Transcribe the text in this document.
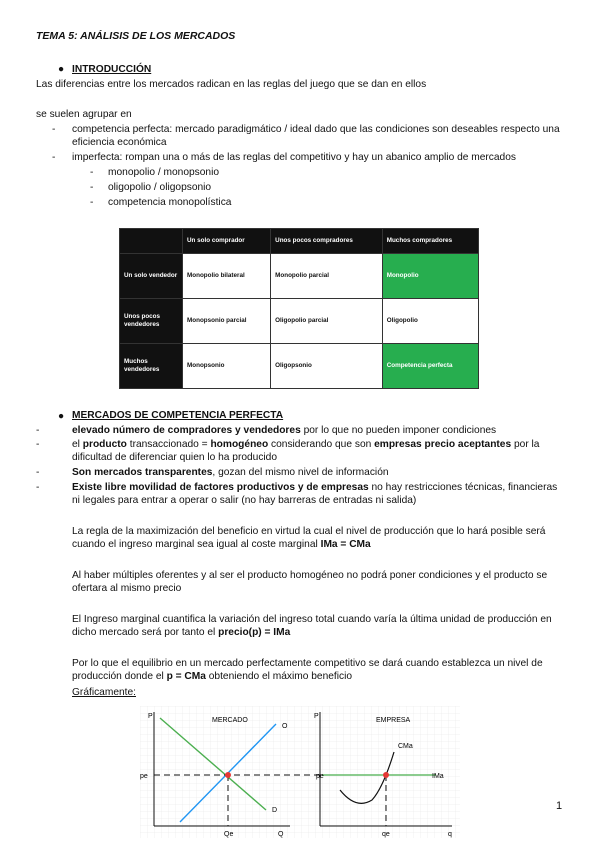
TEMA 5: ANÁLISIS DE LOS MERCADOS
● INTRODUCCIÓN
Las diferencias entre los mercados radican en las reglas del juego que se dan en ellos
se suelen agrupar en
- competencia perfecta: mercado paradigmático / ideal dado que las condiciones son deseables respecto una eficiencia económica
- imperfecta: rompan una o más de las reglas del competitivo y hay un abanico amplio de mercados
- monopolio / monopsonio
- oligopolio / oligopsonio
- competencia monopolística
	Un solo comprador	Unos pocos compradores	Muchos compradores
Un solo vendedor	Monopolio bilateral	Monopolio parcial	Monopolio
Unos pocos vendedores	Monopsonio parcial	Oligopolio parcial	Oligopolio
Muchos vendedores	Monopsonio	Oligopsonio	Competencia perfecta
● MERCADOS DE COMPETENCIA PERFECTA
-	elevado número de compradores y vendedores por lo que no pueden imponer condiciones
-	el producto transaccionado = homogéneo considerando que son empresas precio aceptantes por la dificultad de diferenciar quien lo ha producido
-	Son mercados transparentes, gozan del mismo nivel de información
-	Existe libre movilidad de factores productivos y de empresas no hay restricciones técnicas, financieras ni legales para entrar a operar o salir (no hay barreras de entradas ni salida)
La regla de la maximización del beneficio en virtud la cual el nivel de producción que lo hará posible será cuando el ingreso marginal sea igual al coste marginal IMa = CMa
Al haber múltiples oferentes y al ser el producto homogéneo no podrá poner condiciones y el producto se ofertara al mismo precio
El Ingreso marginal cuantifica la variación del ingreso total cuando varía la última unidad de producción en dicho mercado será por tanto el precio(p) = IMa
Por lo que el equilibrio en un mercado perfectamente competitivo se dará cuando establezca un nivel de producción donde el p = CMa obteniendo el máximo beneficio
Gráficamente:
P
MERCADO
O
D
pe
Qe	Q
P
EMPRESA
CMa
IMa
pe
qe	q
1
